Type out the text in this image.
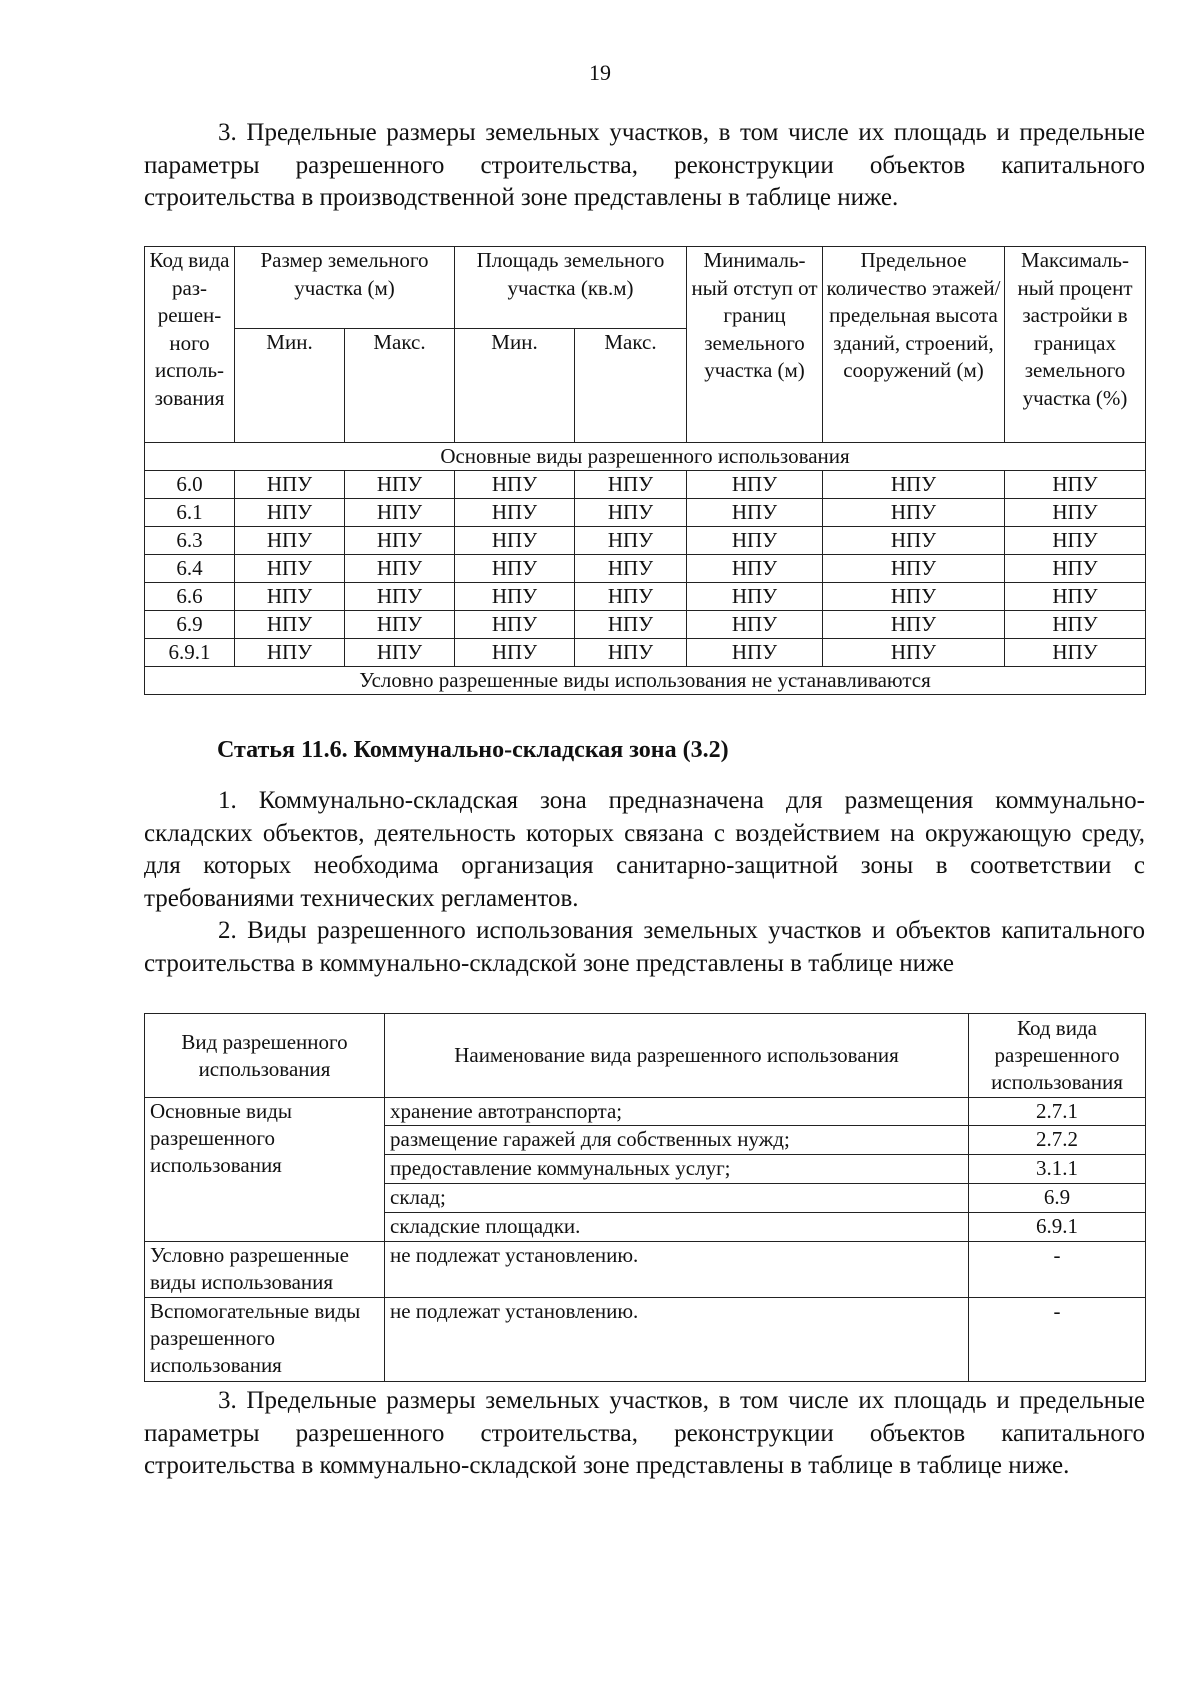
19
3. Предельные размеры земельных участков, в том числе их площадь и предельные параметры разрешенного строительства, реконструкции объектов капитального строительства в производственной зоне представлены в таблице ниже.
Код вида раз-решен-ного исполь-зования	Размер земельного участка (м)		Площадь земельного участка (кв.м)		Минималь-ный отступ от границ земельного участка (м)	Предельное количество этажей/ предельная высота зданий, строений, сооружений (м)	Максималь-ный процент застройки в границах земельного участка (%)
	Мин.	Макс.	Мин.	Макс.			
Основные виды разрешенного использования							
6.0	НПУ	НПУ	НПУ	НПУ	НПУ	НПУ	НПУ
6.1	НПУ	НПУ	НПУ	НПУ	НПУ	НПУ	НПУ
6.3	НПУ	НПУ	НПУ	НПУ	НПУ	НПУ	НПУ
6.4	НПУ	НПУ	НПУ	НПУ	НПУ	НПУ	НПУ
6.6	НПУ	НПУ	НПУ	НПУ	НПУ	НПУ	НПУ
6.9	НПУ	НПУ	НПУ	НПУ	НПУ	НПУ	НПУ
6.9.1	НПУ	НПУ	НПУ	НПУ	НПУ	НПУ	НПУ
Условно разрешенные виды использования не устанавливаются							
Статья 11.6. Коммунально-складская зона (3.2)
1. Коммунально-складская зона предназначена для размещения коммунально-складских объектов, деятельность которых связана с воздействием на окружающую среду, для которых необходима организация санитарно-защитной зоны в соответствии с требованиями технических регламентов.
2. Виды разрешенного использования земельных участков и объектов капитального строительства в коммунально-складской зоне представлены в таблице ниже
Вид разрешенного использования	Наименование вида разрешенного использования	Код вида разрешенного использования
Основные виды разрешенного использования	хранение автотранспорта;	2.7.1
	размещение гаражей для собственных нужд;	2.7.2
	предоставление коммунальных услуг;	3.1.1
	склад;	6.9
	складские площадки.	6.9.1
Условно разрешенные виды использования	не подлежат установлению.	-
Вспомогательные виды разрешенного использования	не подлежат установлению.	-
3. Предельные размеры земельных участков, в том числе их площадь и предельные параметры разрешенного строительства, реконструкции объектов капитального строительства в коммунально-складской зоне представлены в таблице в таблице ниже.
